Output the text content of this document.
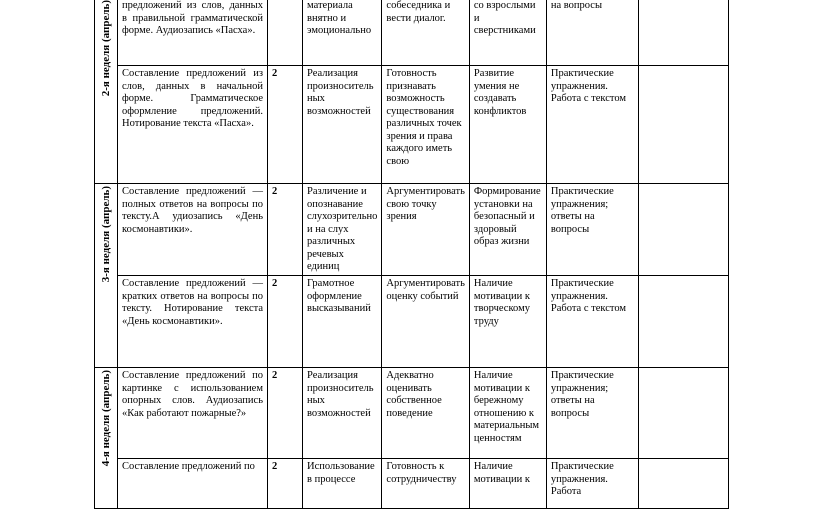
2-я неделя (апрель)	предложений из слов, данных в правильной грамматической форме. Аудиозапись «Пасха».		материала внятно и эмоционально	собеседника и вести диалог.	со взрослыми и сверстниками	на вопросы	
	Составление предложений из слов, данных в начальной форме. Грамматическое оформление предложений. Нотирование текста «Пасха».	2	Реализация произноситель ных возможностей	Готовность признавать возможность существования различных точек зрения и права каждого иметь свою	Развитие умения не создавать конфликтов	Практические упражнения. Работа с текстом	
3-я неделя (апрель)	Составление предложений — полных ответов на вопросы по тексту.А удиозапись «День космонавтики».	2	Различение и опознавание слухозрительно и на слух различных речевых единиц	Аргументировать свою точку зрения	Формирование установки на безопасный и здоровый образ жизни	Практические упражнения; ответы на вопросы	
	Составление предложений — кратких ответов на вопросы по тексту. Нотирование текста «День космонавтики».	2	Грамотное оформление высказываний	Аргументировать оценку событий	Наличие мотивации к творческому труду	Практические упражнения. Работа с текстом	
4-я неделя (апрель)	Составление предложений по картинке с использованием опорных слов. Аудиозапись «Как работают пожарные?»	2	Реализация произноситель ных возможностей	Адекватно оценивать собственное поведение	Наличие мотивации к бережному отношению к материальным ценностям	Практические упражнения; ответы на вопросы	
	Составление предложений по	2	Использование в процессе	Готовность к сотрудничеству	Наличие мотивации к	Практические упражнения. Работа	
